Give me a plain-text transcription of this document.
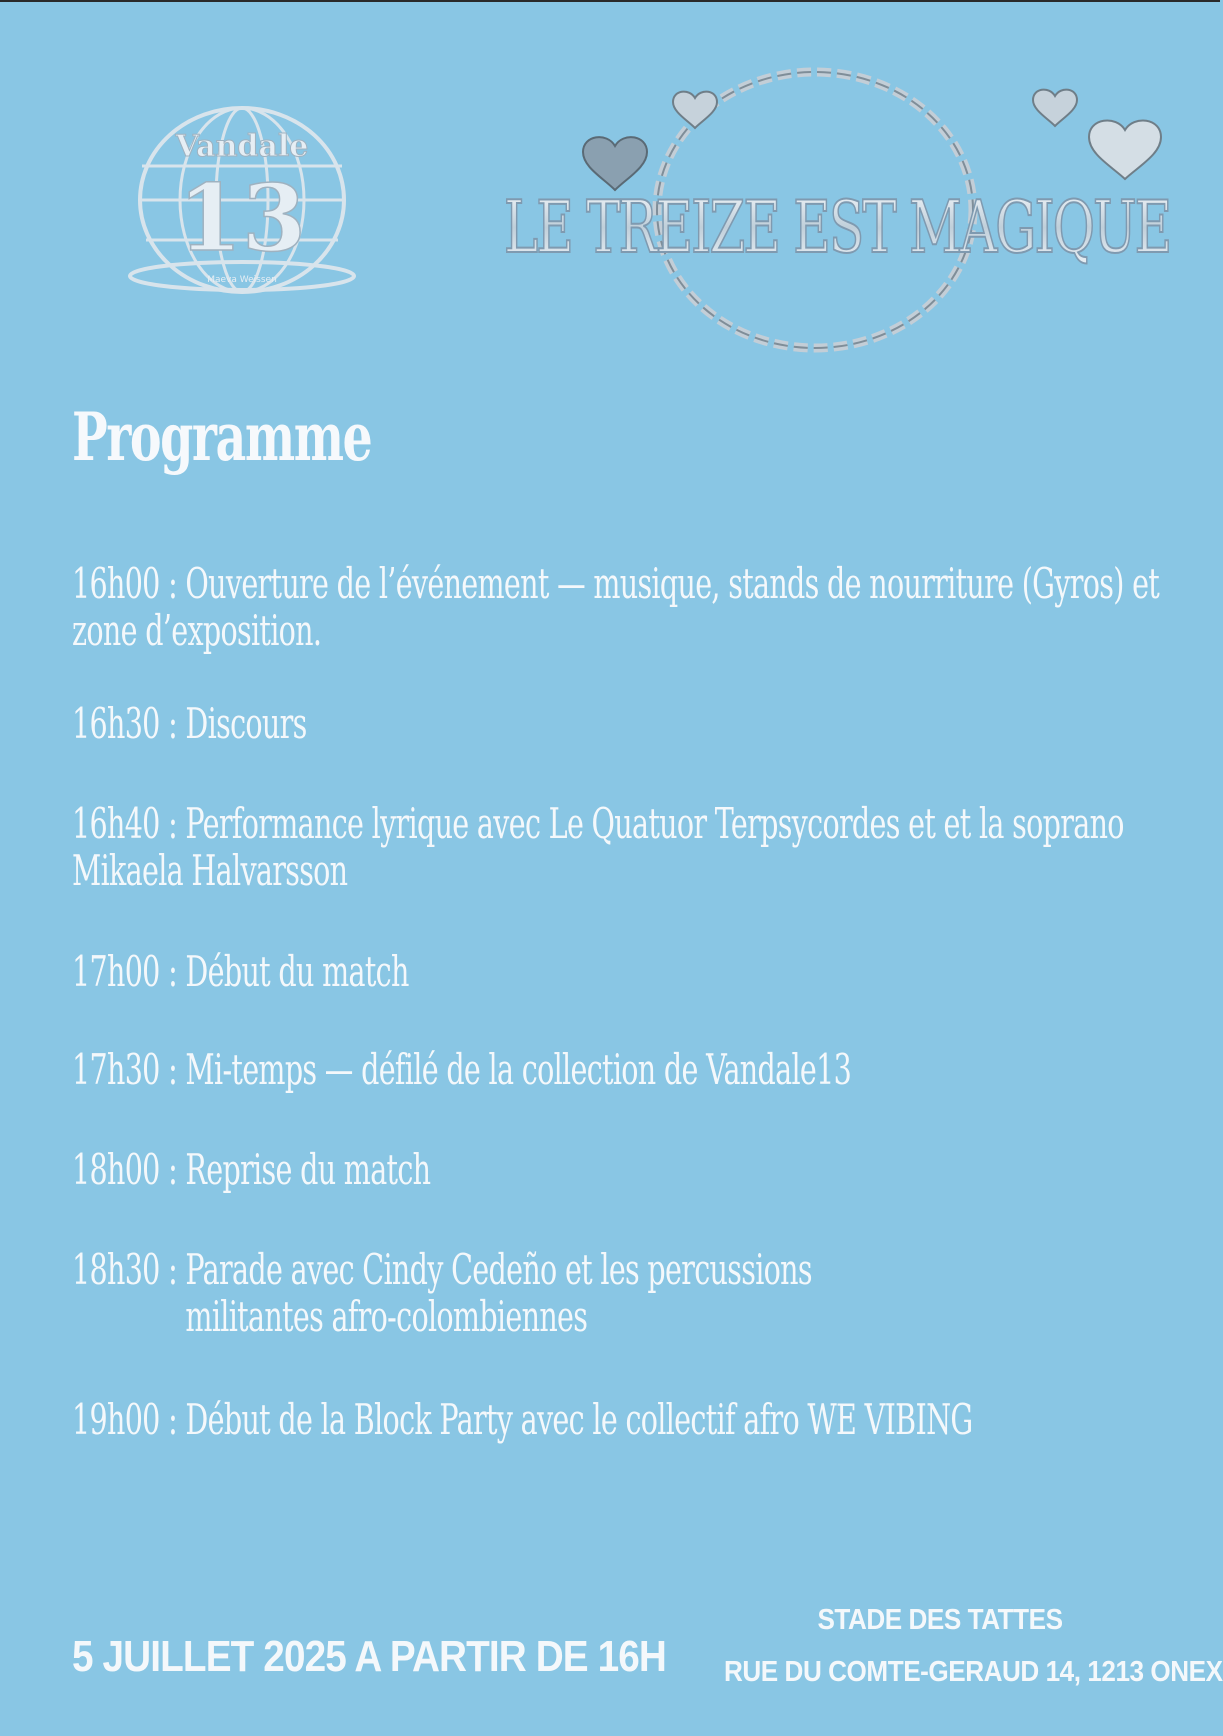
Vandale
13
Maeva Weissen
LE TREIZE EST MAGIQUE
Programme
16h00 : Ouverture de l’événement — musique, stands de nourriture (Gyros) et zone d’exposition.
16h30 : Discours
16h40 : Performance lyrique avec Le Quatuor Terpsycordes et et la soprano Mikaela Halvarsson
17h00 : Début du match
17h30 : Mi-temps — défilé de la collection de Vandale13
18h00 : Reprise du match
18h30 : Parade avec Cindy Cedeño et les percussions militantes afro-colombiennes
19h00 : Début de la Block Party avec le collectif afro WE VIBING
5 JUILLET 2025 A PARTIR DE 16H
STADE DES TATTES
RUE DU COMTE-GERAUD 14, 1213 ONEX
